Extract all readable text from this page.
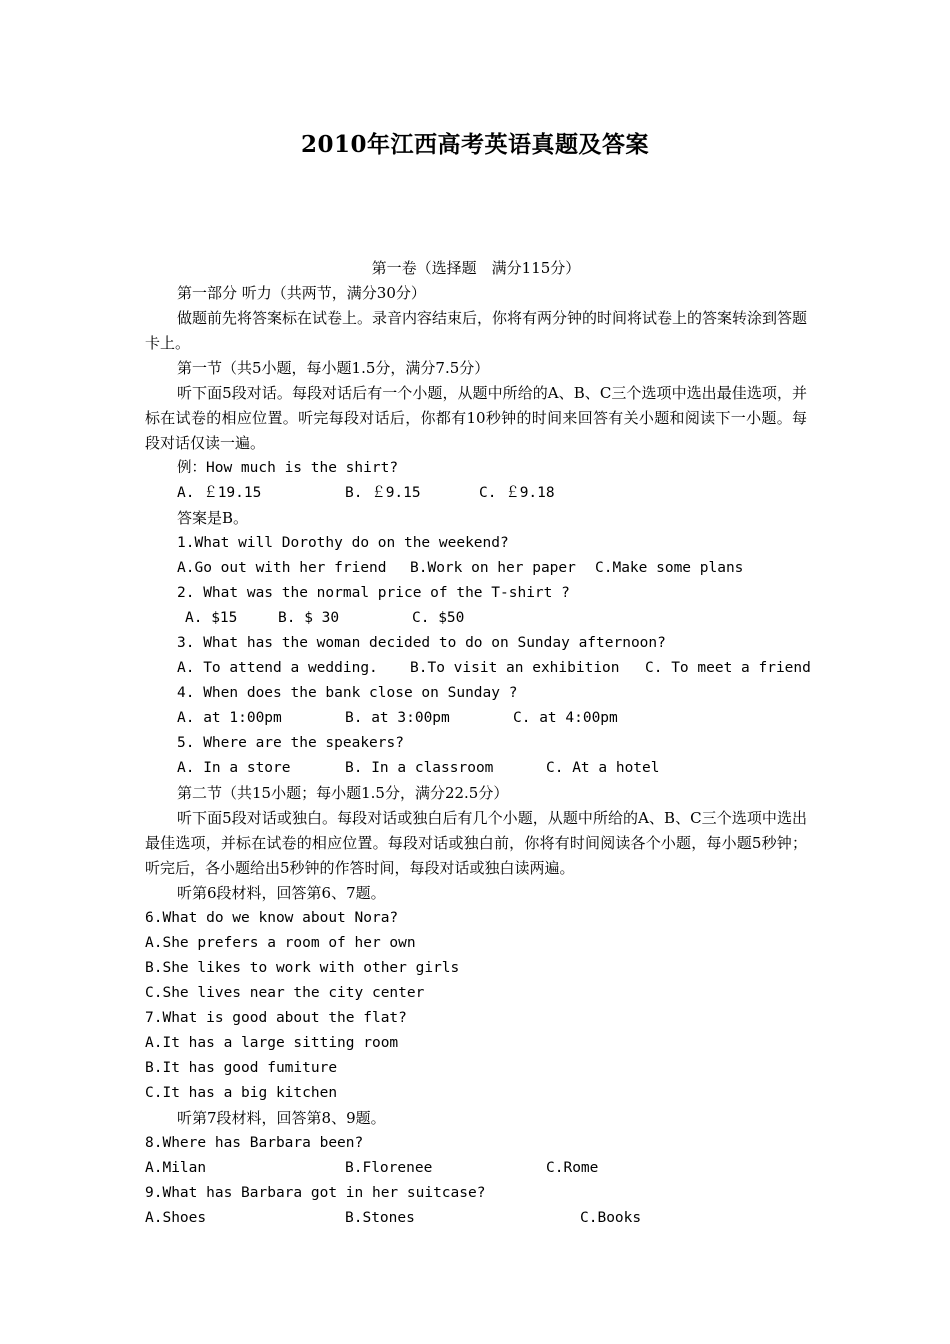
2010年江西高考英语真题及答案
第一卷（选择题　满分115分）
第一部分 听力（共两节，满分30分）
做题前先将答案标在试卷上。录音内容结束后，你将有两分钟的时间将试卷上的答案转涂到答题卡上。
第一节（共5小题，每小题1.5分，满分7.5分）
听下面5段对话。每段对话后有一个小题，从题中所给的A、B、C三个选项中选出最佳选项，并标在试卷的相应位置。听完每段对话后，你都有10秒钟的时间来回答有关小题和阅读下一小题。每段对话仅读一遍。
例：How much is the shirt?
A. ￡19.15	B. ￡9.15	C. ￡9.18
答案是B。
1.What will Dorothy do on the weekend?
A.Go out with her friend B.Work on her paper C.Make some plans
2. What was the normal price of the T-shirt ?
A. $15	B. $ 30	C. $50
3. What has the woman decided to do on Sunday afternoon?
A. To attend a wedding. B.To visit an exhibition C. To meet a friend
4. When does the bank close on Sunday ?
A. at 1:00pm	B. at 3:00pm	C. at 4:00pm
5. Where are the speakers?
A. In a store	B. In a classroom	C. At a hotel
第二节（共15小题；每小题1.5分，满分22.5分）
听下面5段对话或独白。每段对话或独白后有几个小题，从题中所给的A、B、C三个选项中选出最佳选项，并标在试卷的相应位置。每段对话或独白前，你将有时间阅读各个小题，每小题5秒钟；听完后，各小题给出5秒钟的作答时间，每段对话或独白读两遍。
听第6段材料，回答第6、7题。
6.What do we know about Nora?
A.She prefers a room of her own
B.She likes to work with other girls
C.She lives near the city center
7.What is good about the flat?
A.It has a large sitting room
B.It has good fumiture
C.It has a big kitchen
听第7段材料，回答第8、9题。
8.Where has Barbara been?
A.Milan	B.Florenee	C.Rome
9.What has Barbara got in her suitcase?
A.Shoes	B.Stones	C.Books
